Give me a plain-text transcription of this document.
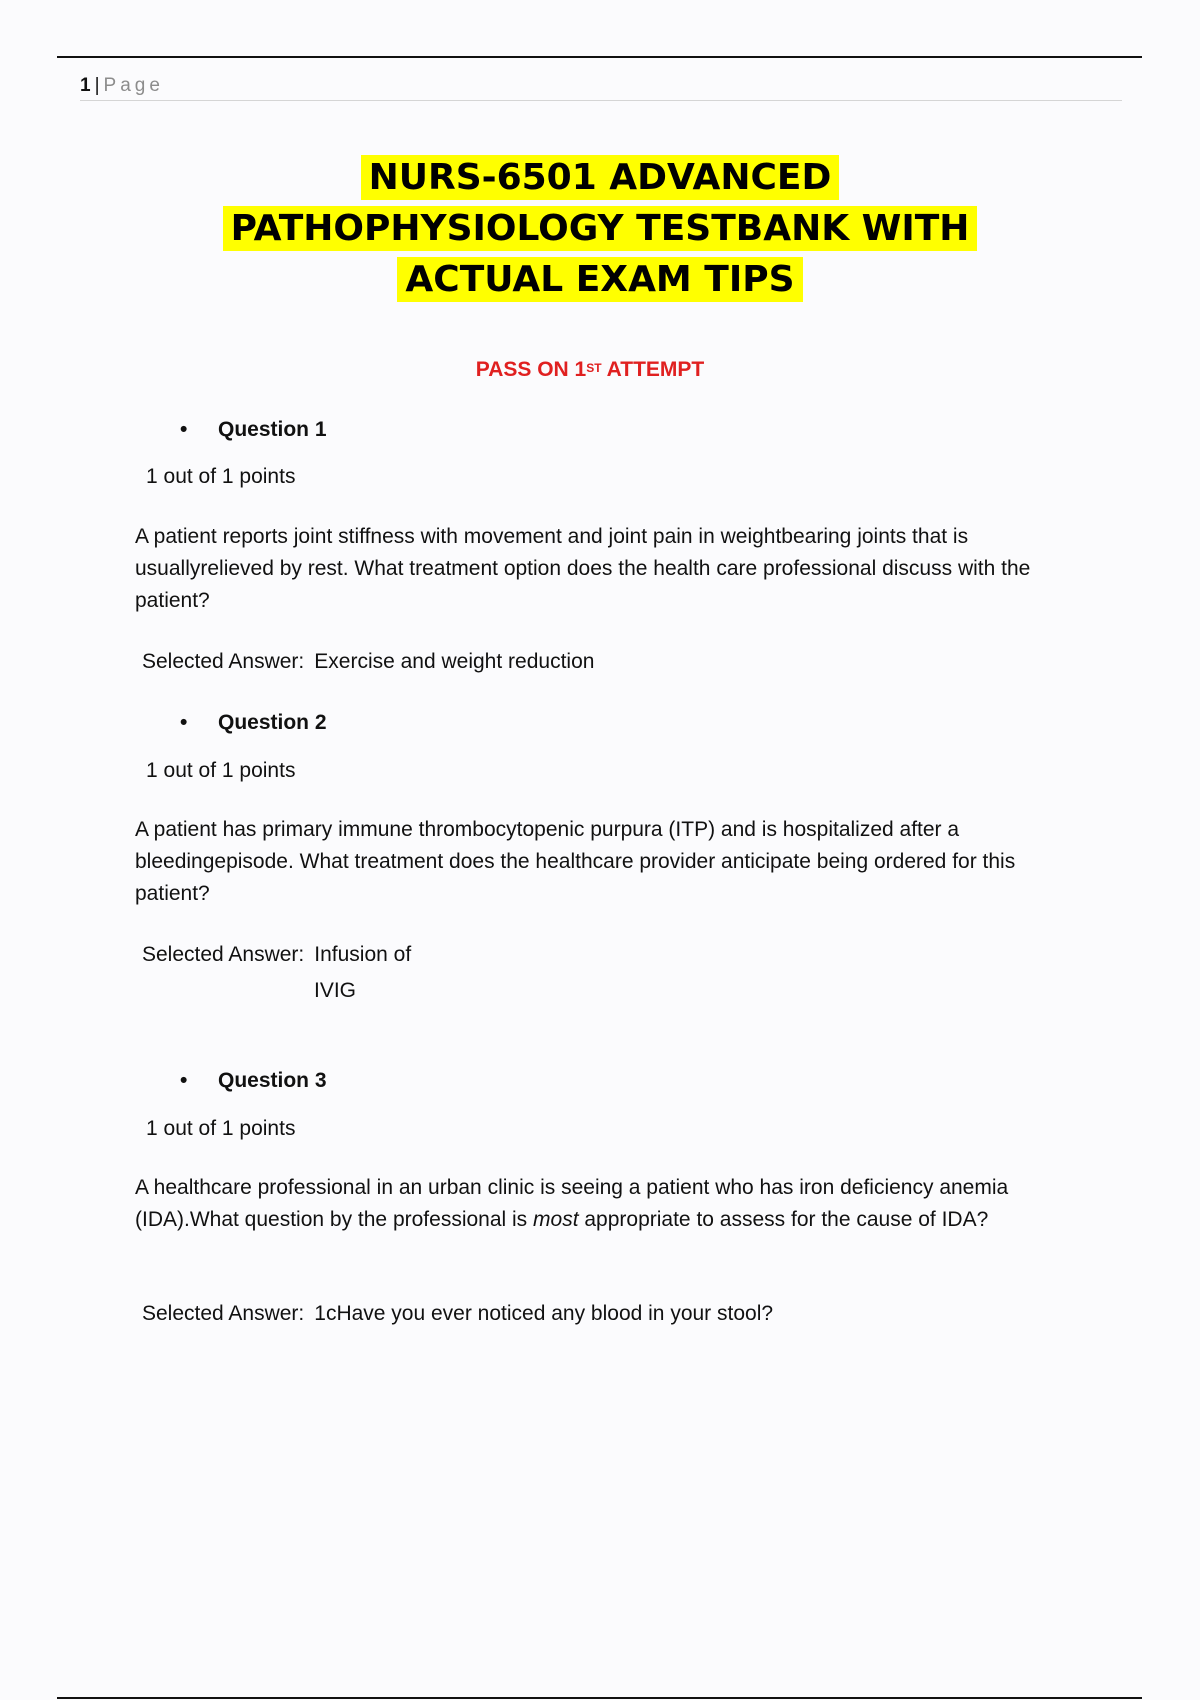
1 | Page
NURS-6501 ADVANCED
PATHOPHYSIOLOGY TESTBANK WITH
ACTUAL EXAM TIPS
PASS ON 1ST ATTEMPT
• Question 1
1 out of 1 points
A patient reports joint stiffness with movement and joint pain in weightbearing joints that is usuallyrelieved by rest. What treatment option does the health care professional discuss with the patient?
Selected Answer: Exercise and weight reduction
• Question 2
1 out of 1 points
A patient has primary immune thrombocytopenic purpura (ITP) and is hospitalized after a bleedingepisode. What treatment does the healthcare provider anticipate being ordered for this patient?
Selected Answer: Infusion of
IVIG
• Question 3
1 out of 1 points
A healthcare professional in an urban clinic is seeing a patient who has iron deficiency anemia (IDA).What question by the professional is most appropriate to assess for the cause of IDA?
Selected Answer: 1cHave you ever noticed any blood in your stool?
